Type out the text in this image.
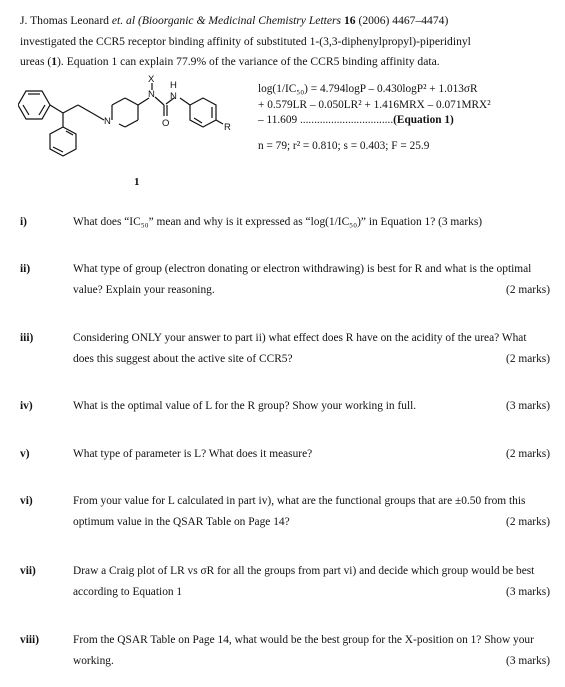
J. Thomas Leonard et. al (Bioorganic & Medicinal Chemistry Letters 16 (2006) 4467–4474)
investigated the CCR5 receptor binding affinity of substituted 1-(3,3-diphenylpropyl)-piperidinyl
ureas (1). Equation 1 can explain 77.9% of the variance of the CCR5 binding affinity data.
X
N
H
N
N	O	R
1
log(1/IC₅₀) = 4.794logP – 0.430logP² + 1.013σR
+ 0.579LR – 0.050LR² + 1.416MRX – 0.071MRX²
– 11.609 .................................(Equation 1)
n = 79; r² = 0.810; s = 0.403; F = 25.9
i)	What does “IC₅₀” mean and why is it expressed as “log(1/IC₅₀)” in Equation 1? (3 marks)
ii)	What type of group (electron donating or electron withdrawing) is best for R and what is the optimal value? Explain your reasoning.	(2 marks)
iii)	Considering ONLY your answer to part ii) what effect does R have on the acidity of the urea? What does this suggest about the active site of CCR5?	(2 marks)
iv)	What is the optimal value of L for the R group? Show your working in full.	(3 marks)
v)	What type of parameter is L? What does it measure?	(2 marks)
vi)	From your value for L calculated in part iv), what are the functional groups that are ±0.50 from this optimum value in the QSAR Table on Page 14?	(2 marks)
vii)	Draw a Craig plot of LR vs σR for all the groups from part vi) and decide which group would be best according to Equation 1	(3 marks)
viii)	From the QSAR Table on Page 14, what would be the best group for the X-position on 1? Show your working.	(3 marks)
